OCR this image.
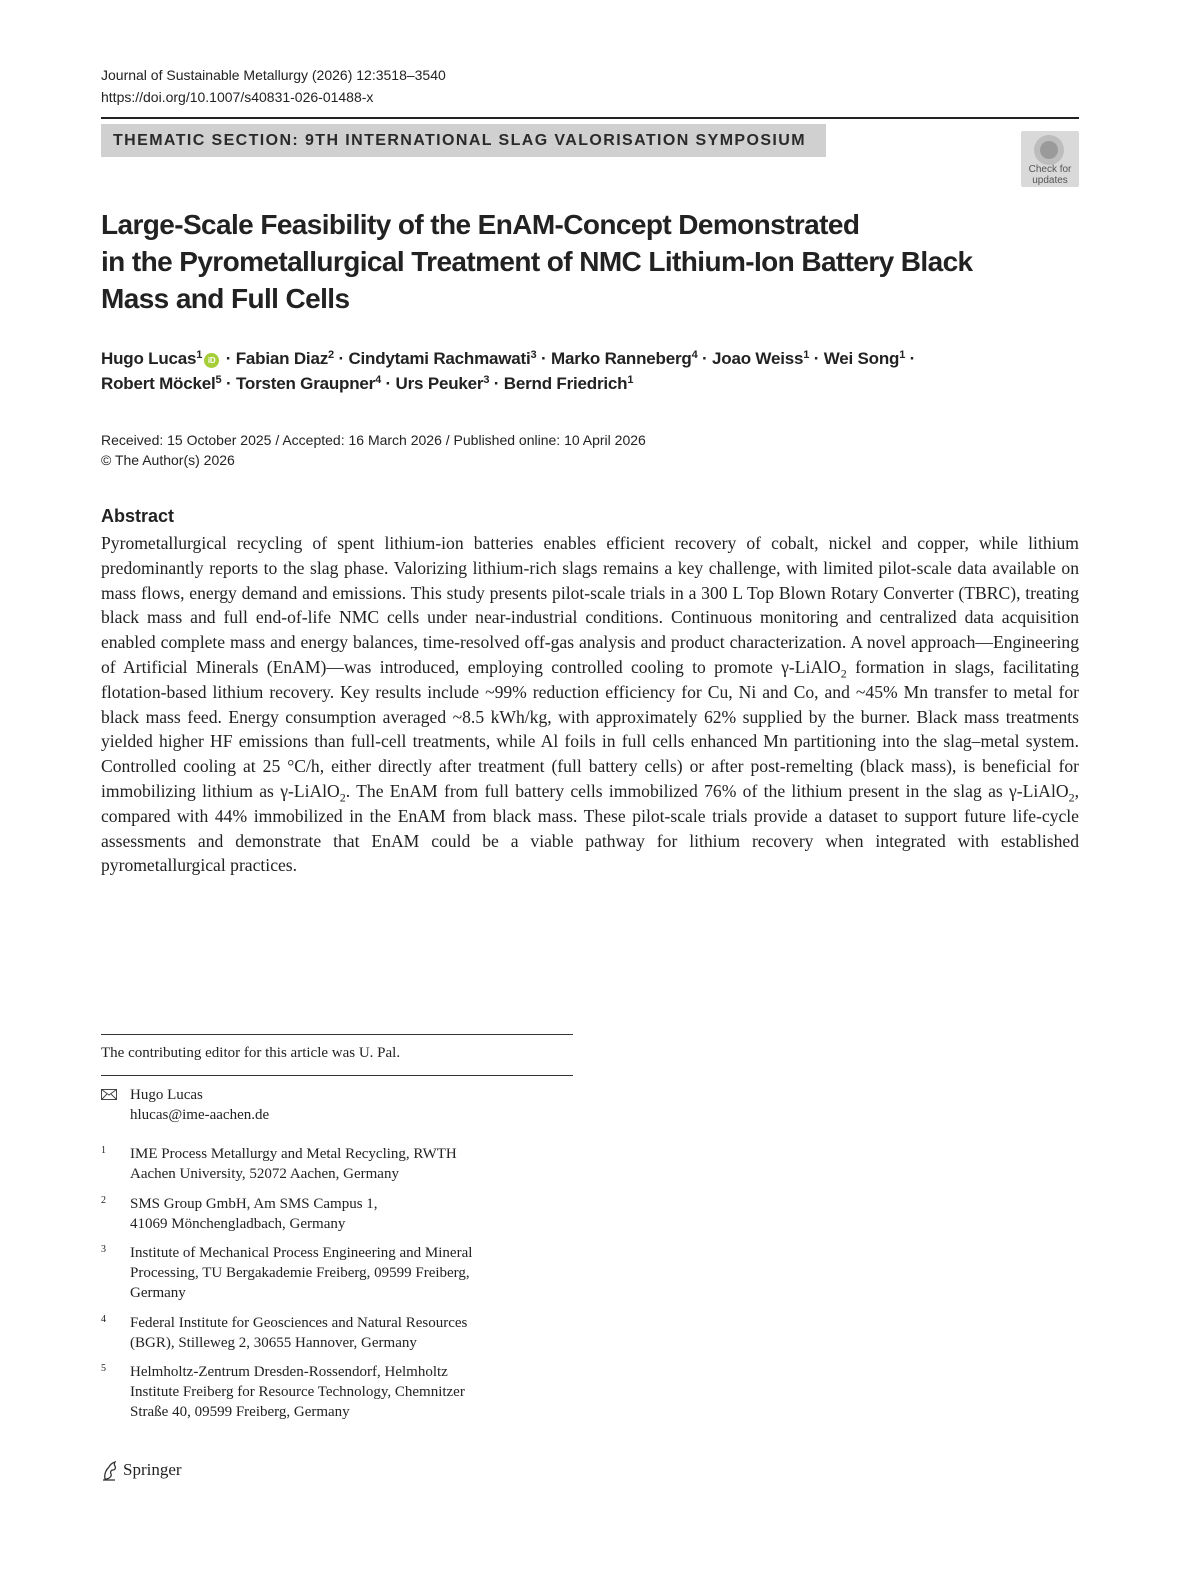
Journal of Sustainable Metallurgy (2026) 12:3518–3540
https://doi.org/10.1007/s40831-026-01488-x
THEMATIC SECTION: 9TH INTERNATIONAL SLAG VALORISATION SYMPOSIUM
Check for
updates
Large-Scale Feasibility of the EnAM-Concept Demonstrated
in the Pyrometallurgical Treatment of NMC Lithium-Ion Battery Black
Mass and Full Cells
Hugo Lucas$^1$ iD · Fabian Diaz$^2$ · Cindytami Rachmawati$^3$ · Marko Ranneberg$^4$ · Joao Weiss$^1$ · Wei Song$^1$ ·
Robert Möckel$^5$ · Torsten Graupner$^4$ · Urs Peuker$^3$ · Bernd Friedrich$^1$
Received: 15 October 2025 / Accepted: 16 March 2026 / Published online: 10 April 2026
© The Author(s) 2026
Abstract
Pyrometallurgical recycling of spent lithium-ion batteries enables efficient recovery of cobalt, nickel and copper, while lithium predominantly reports to the slag phase. Valorizing lithium-rich slags remains a key challenge, with limited pilot-scale data available on mass flows, energy demand and emissions. This study presents pilot-scale trials in a 300 L Top Blown Rotary Converter (TBRC), treating black mass and full end-of-life NMC cells under near-industrial conditions. Continuous monitoring and centralized data acquisition enabled complete mass and energy balances, time-resolved off-gas analysis and product characterization. A novel approach—Engineering of Artificial Minerals (EnAM)—was introduced, employing controlled cooling to promote γ-LiAlO$_2$ formation in slags, facilitating flotation-based lithium recovery. Key results include ~99% reduction efficiency for Cu, Ni and Co, and ~45% Mn transfer to metal for black mass feed. Energy consumption averaged ~8.5 kWh/kg, with approximately 62% supplied by the burner. Black mass treatments yielded higher HF emissions than full-cell treatments, while Al foils in full cells enhanced Mn partitioning into the slag–metal system. Controlled cooling at 25 °C/h, either directly after treatment (full battery cells) or after post-remelting (black mass), is beneficial for immobilizing lithium as γ-LiAlO$_2$. The EnAM from full battery cells immobilized 76% of the lithium present in the slag as γ-LiAlO$_2$, compared with 44% immobilized in the EnAM from black mass. These pilot-scale trials provide a dataset to support future life-cycle assessments and demonstrate that EnAM could be a viable pathway for lithium recovery when integrated with established pyrometallurgical practices.
The contributing editor for this article was U. Pal.
Hugo Lucas
hlucas@ime-aachen.de
1 IME Process Metallurgy and Metal Recycling, RWTH
Aachen University, 52072 Aachen, Germany
2 SMS Group GmbH, Am SMS Campus 1,
41069 Mönchengladbach, Germany
3 Institute of Mechanical Process Engineering and Mineral
Processing, TU Bergakademie Freiberg, 09599 Freiberg,
Germany
4 Federal Institute for Geosciences and Natural Resources
(BGR), Stilleweg 2, 30655 Hannover, Germany
5 Helmholtz-Zentrum Dresden-Rossendorf, Helmholtz
Institute Freiberg for Resource Technology, Chemnitzer
Straße 40, 09599 Freiberg, Germany
Springer
